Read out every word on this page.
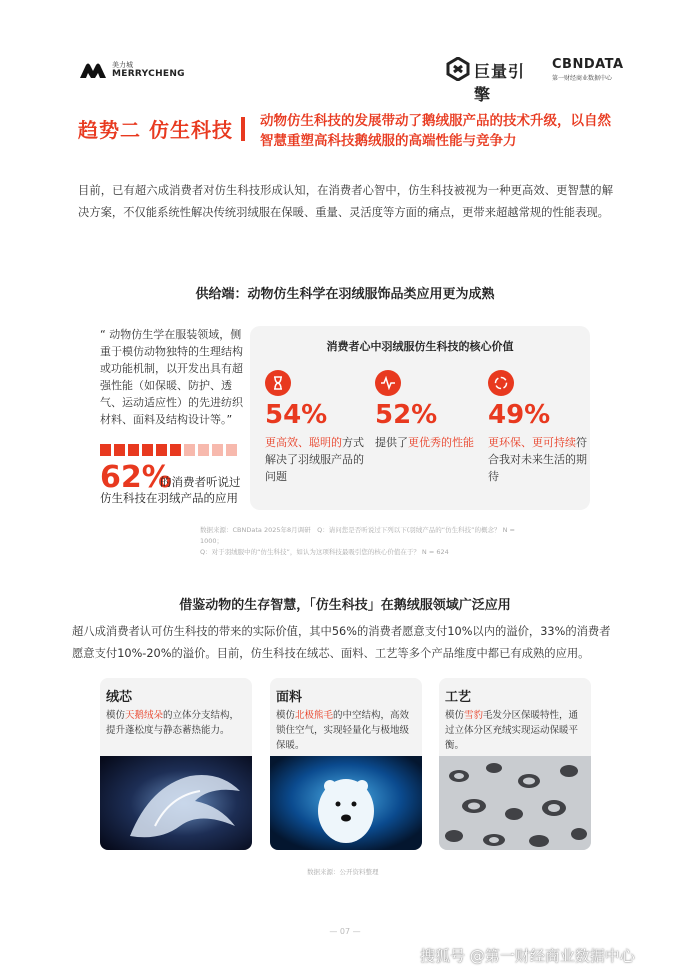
美力城
MERRYCHENG	巨量引擎
CBNDATA
第一财经商业数据中心
趋势二 仿生科技 动物仿生科技的发展带动了鹅绒服产品的技术升级，以自然智慧重塑高科技鹅绒服的高端性能与竞争力
目前，已有超六成消费者对仿生科技形成认知，在消费者心智中，仿生科技被视为一种更高效、更智慧的解决方案，不仅能系统性解决传统羽绒服在保暖、重量、灵活度等方面的痛点，更带来超越常规的性能表现。
供给端：动物仿生科学在羽绒服饰品类应用更为成熟
“ 动物仿生学在服装领域，侧重于模仿动物独特的生理结构或功能机制，以开发出具有超强性能（如保暖、防护、透气、运动适应性）的先进纺织材料、面料及结构设计等。”
62%
的消费者听说过
仿生科技在羽绒产品的应用
消费者心中羽绒服仿生科技的核心价值
54%
更高效、聪明的方式解决了羽绒服产品的问题
52%
提供了更优秀的性能
49%
更环保、更可持续符合我对未来生活的期待
数据来源：CBNData 2025年8月调研　Q：请问您是否听说过下列以下(羽绒产品的“仿生科技”的概念？ N = 1000；
Q：对于羽绒服中的“仿生科技”，如认为这项科技最吸引您的核心价值在于？ N = 624
借鉴动物的生存智慧，「仿生科技」在鹅绒服领域广泛应用
超八成消费者认可仿生科技的带来的实际价值，其中56%的消费者愿意支付10%以内的溢价，33%的消费者愿意支付10%-20%的溢价。目前，仿生科技在绒芯、面料、工艺等多个产品维度中都已有成熟的应用。
绒芯

模仿天鹅绒朵的立体分支结构，提升蓬松度与静态蓄热能力。

面料

模仿北极熊毛的中空结构，高效锁住空气，实现轻量化与极地级保暖。

工艺

模仿雪豹毛发分区保暖特性，通过立体分区充绒实现运动保暖平衡。

数据来源：公开资料整理
— 07 —
搜狐号 @第一财经商业数据中心
